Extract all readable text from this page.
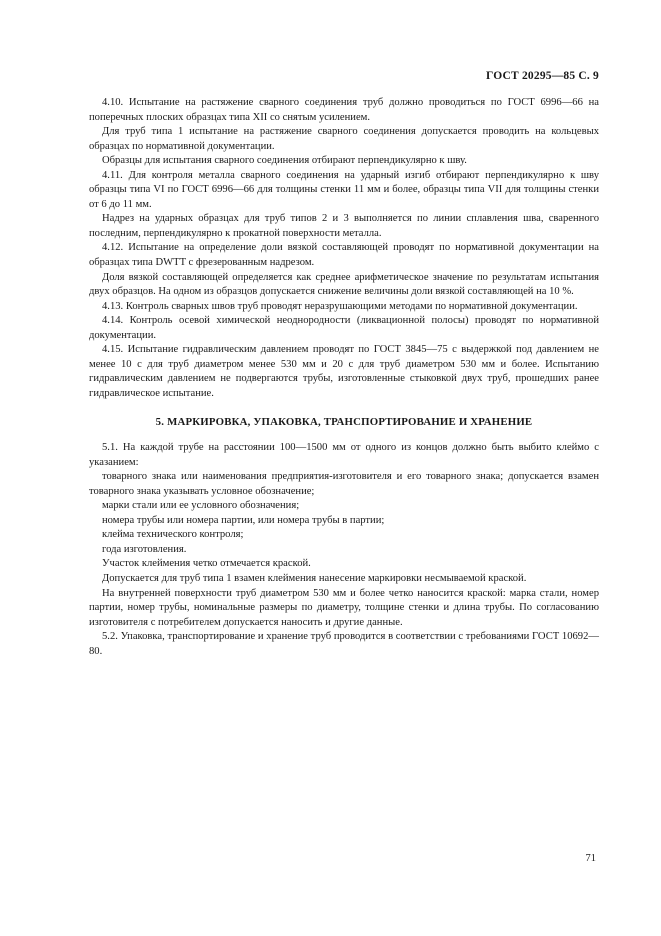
ГОСТ 20295—85 С. 9

4.10. Испытание на растяжение сварного соединения труб должно проводиться по ГОСТ 6996—66 на поперечных плоских образцах типа XII со снятым усилением.

Для труб типа 1 испытание на растяжение сварного соединения допускается проводить на кольцевых образцах по нормативной документации.

Образцы для испытания сварного соединения отбирают перпендикулярно к шву.

4.11. Для контроля металла сварного соединения на ударный изгиб отбирают перпендикулярно к шву образцы типа VI по ГОСТ 6996—66 для толщины стенки 11 мм и более, образцы типа VII для толщины стенки от 6 до 11 мм.

Надрез на ударных образцах для труб типов 2 и 3 выполняется по линии сплавления шва, сваренного последним, перпендикулярно к прокатной поверхности металла.

4.12. Испытание на определение доли вязкой составляющей проводят по нормативной документации на образцах типа DWTT с фрезерованным надрезом.

Доля вязкой составляющей определяется как среднее арифметическое значение по результатам испытания двух образцов. На одном из образцов допускается снижение величины доли вязкой составляющей на 10 %.

4.13. Контроль сварных швов труб проводят неразрушающими методами по нормативной документации.

4.14. Контроль осевой химической неоднородности (ликвационной полосы) проводят по нормативной документации.

4.15. Испытание гидравлическим давлением проводят по ГОСТ 3845—75 с выдержкой под давлением не менее 10 с для труб диаметром менее 530 мм и 20 с для труб диаметром 530 мм и более. Испытанию гидравлическим давлением не подвергаются трубы, изготовленные стыковкой двух труб, прошедших ранее гидравлическое испытание.

5. МАРКИРОВКА, УПАКОВКА, ТРАНСПОРТИРОВАНИЕ И ХРАНЕНИЕ

5.1. На каждой трубе на расстоянии 100—1500 мм от одного из концов должно быть выбито клеймо с указанием:

товарного знака или наименования предприятия-изготовителя и его товарного знака; допускается взамен товарного знака указывать условное обозначение;

марки стали или ее условного обозначения;

номера трубы или номера партии, или номера трубы в партии;

клейма технического контроля;

года изготовления.

Участок клеймения четко отмечается краской.

Допускается для труб типа 1 взамен клеймения нанесение маркировки несмываемой краской.

На внутренней поверхности труб диаметром 530 мм и более четко наносится краской: марка стали, номер партии, номер трубы, номинальные размеры по диаметру, толщине стенки и длина трубы. По согласованию изготовителя с потребителем допускается наносить и другие данные.

5.2. Упаковка, транспортирование и хранение труб проводится в соответствии с требованиями ГОСТ 10692—80.

71
